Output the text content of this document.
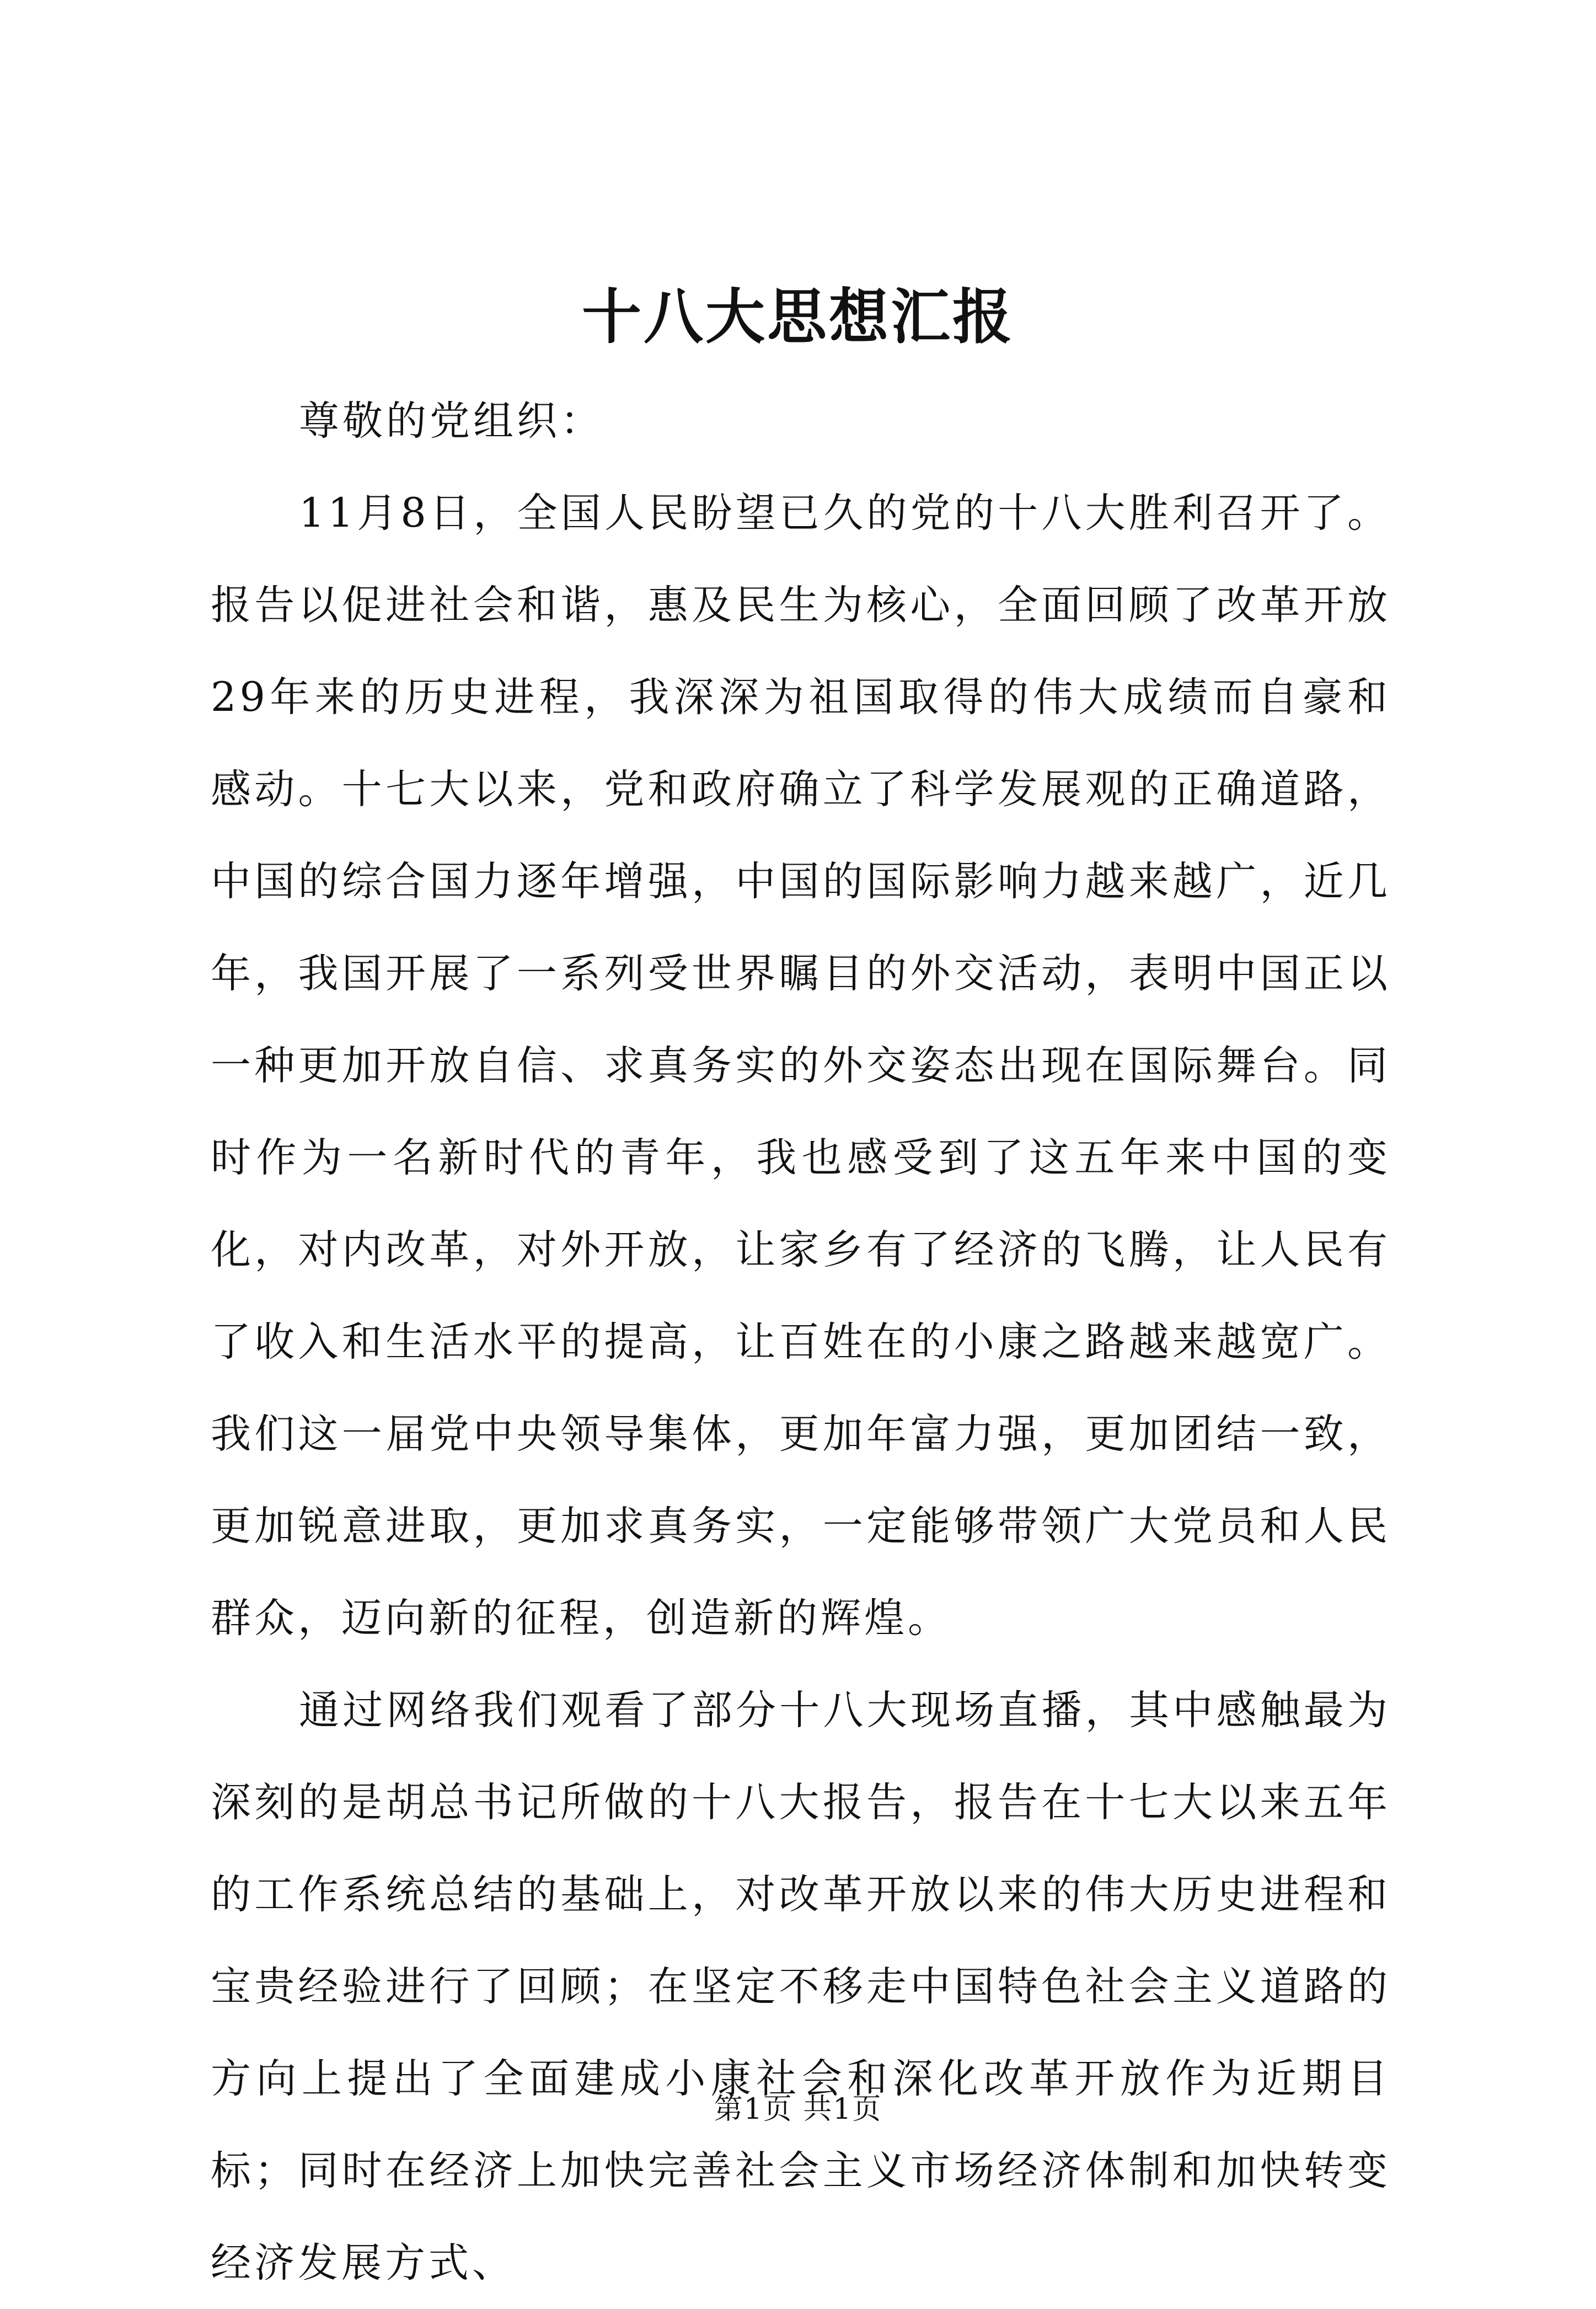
十八大思想汇报

尊敬的党组织：

11月8日，全国人民盼望已久的党的十八大胜利召开了。报告以促进社会和谐，惠及民生为核心，全面回顾了改革开放29年来的历史进程，我深深为祖国取得的伟大成绩而自豪和感动。十七大以来，党和政府确立了科学发展观的正确道路，中国的综合国力逐年增强，中国的国际影响力越来越广，近几年，我国开展了一系列受世界瞩目的外交活动，表明中国正以一种更加开放自信、求真务实的外交姿态出现在国际舞台。同时作为一名新时代的青年，我也感受到了这五年来中国的变化，对内改革，对外开放，让家乡有了经济的飞腾，让人民有了收入和生活水平的提高，让百姓在的小康之路越来越宽广。我们这一届党中央领导集体，更加年富力强，更加团结一致，更加锐意进取，更加求真务实，一定能够带领广大党员和人民群众，迈向新的征程，创造新的辉煌。

通过网络我们观看了部分十八大现场直播，其中感触最为深刻的是胡总书记所做的十八大报告，报告在十七大以来五年的工作系统总结的基础上，对改革开放以来的伟大历史进程和宝贵经验进行了回顾；在坚定不移走中国特色社会主义道路的方向上提出了全面建成小康社会和深化改革开放作为近期目标；同时在经济上加快完善社会主义市场经济体制和加快转变经济发展方式、

第1页 共1页
